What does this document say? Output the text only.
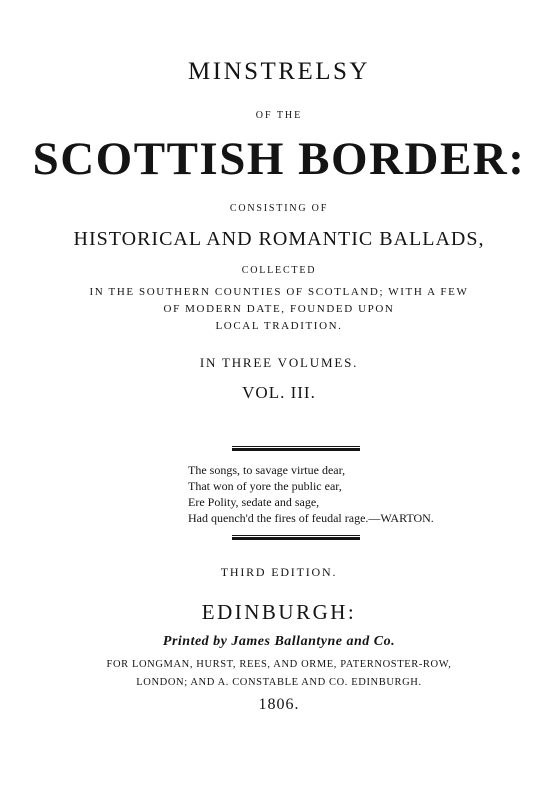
MINSTRELSY
OF THE
SCOTTISH BORDER:
CONSISTING OF
HISTORICAL AND ROMANTIC BALLADS,
COLLECTED
IN THE SOUTHERN COUNTIES OF SCOTLAND; WITH A FEW
OF MODERN DATE, FOUNDED UPON
LOCAL TRADITION.
IN THREE VOLUMES.
VOL. III.
The songs, to savage virtue dear,
That won of yore the public ear,
Ere Polity, sedate and sage,
Had quench'd the fires of feudal rage.—WARTON.
THIRD EDITION.
EDINBURGH:
Printed by James Ballantyne and Co.
FOR LONGMAN, HURST, REES, AND ORME, PATERNOSTER-ROW,
LONDON; AND A. CONSTABLE AND CO. EDINBURGH.
1806.
